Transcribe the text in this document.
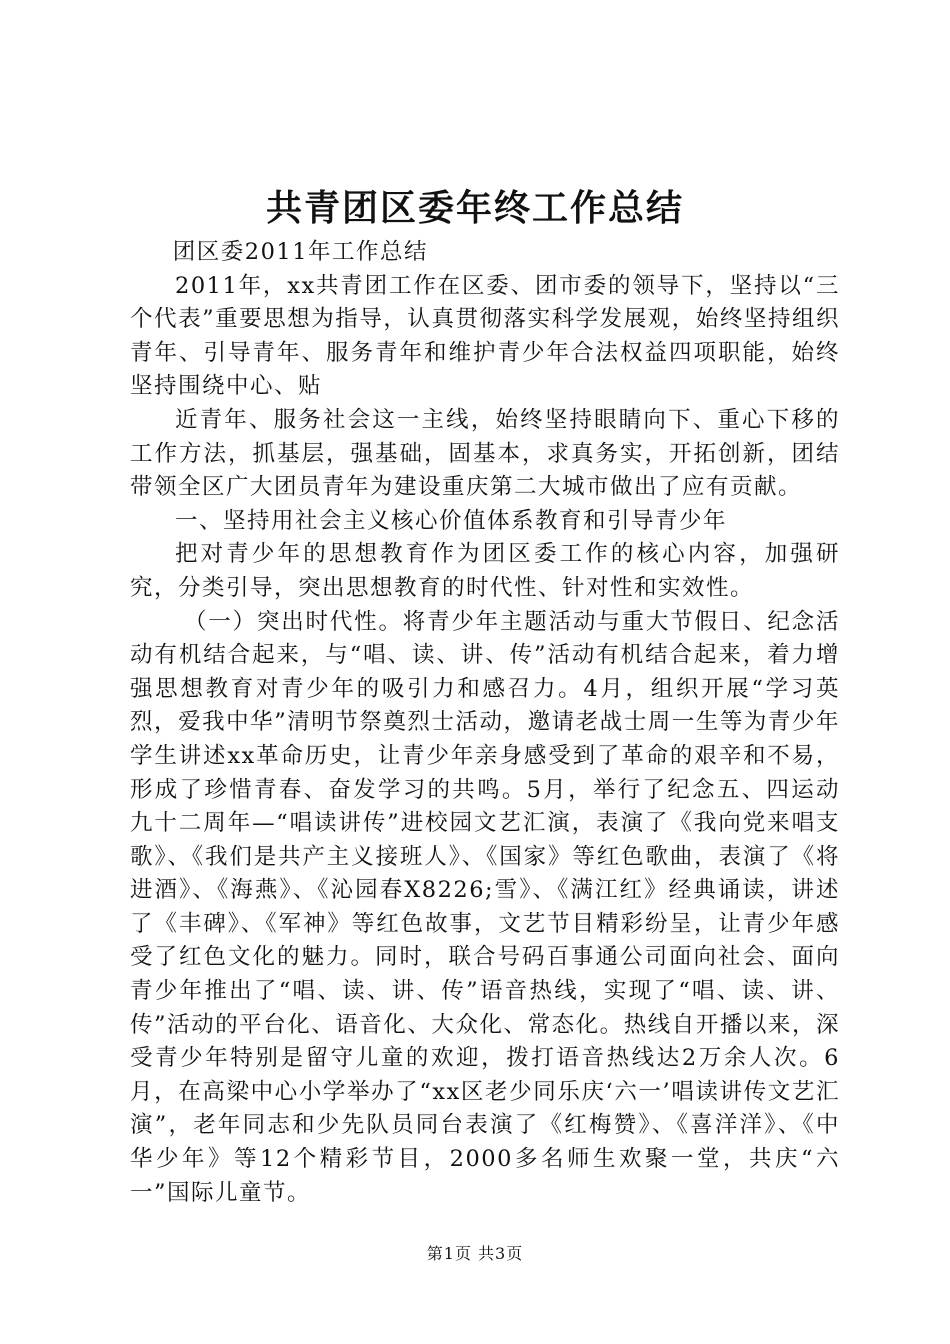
共青团区委年终工作总结

团区委2011年工作总结

2011年，xx共青团工作在区委、团市委的领导下，坚持以“三个代表”重要思想为指导，认真贯彻落实科学发展观，始终坚持组织青年、引导青年、服务青年和维护青少年合法权益四项职能，始终坚持围绕中心、贴

近青年、服务社会这一主线，始终坚持眼睛向下、重心下移的工作方法，抓基层，强基础，固基本，求真务实，开拓创新，团结带领全区广大团员青年为建设重庆第二大城市做出了应有贡献。

一、坚持用社会主义核心价值体系教育和引导青少年

把对青少年的思想教育作为团区委工作的核心内容，加强研究，分类引导，突出思想教育的时代性、针对性和实效性。

（一）突出时代性。将青少年主题活动与重大节假日、纪念活动有机结合起来，与“唱、读、讲、传”活动有机结合起来，着力增强思想教育对青少年的吸引力和感召力。4月，组织开展“学习英烈，爱我中华”清明节祭奠烈士活动，邀请老战士周一生等为青少年学生讲述xx革命历史，让青少年亲身感受到了革命的艰辛和不易，形成了珍惜青春、奋发学习的共鸣。5月，举行了纪念五、四运动九十二周年—“唱读讲传”进校园文艺汇演，表演了《我向党来唱支歌》、《我们是共产主义接班人》、《国家》等红色歌曲，表演了《将进酒》、《海燕》、《沁园春X8226;雪》、《满江红》经典诵读，讲述了《丰碑》、《军神》等红色故事，文艺节目精彩纷呈，让青少年感受了红色文化的魅力。同时，联合号码百事通公司面向社会、面向青少年推出了“唱、读、讲、传”语音热线，实现了“唱、读、讲、传”活动的平台化、语音化、大众化、常态化。热线自开播以来，深受青少年特别是留守儿童的欢迎，拨打语音热线达2万余人次。6月，在高梁中心小学举办了“xx区老少同乐庆‘六一’唱读讲传文艺汇演”，老年同志和少先队员同台表演了《红梅赞》、《喜洋洋》、《中华少年》等12个精彩节目，2000多名师生欢聚一堂，共庆“六一”国际儿童节。

第1页 共3页
